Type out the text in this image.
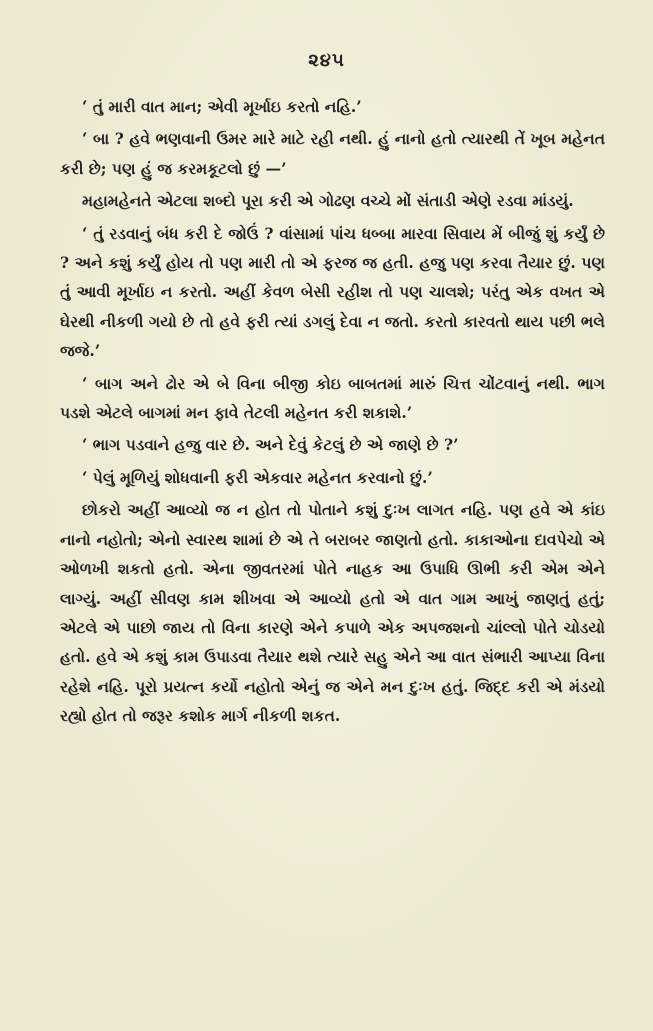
૨૪૫

‘ તું મારી વાત માન; એવી મૂર્ખાઇ કરતો નહિ.’

‘ બા ? હવે ભણવાની ઉમર મારે માટે રહી નથી. હું નાનો હતો ત્યારથી તેં ખૂબ મહેનત કરી છે; પણ હું જ કરમકૂટલો છું —’

મહામહેનતે એટલા શબ્દો પૂરા કરી એ ગોઢણ વચ્ચે મોં સંતાડી એણે રડવા માંડયું.

‘ તું રડવાનું બંધ કરી દે જોઉં ? વાંસામાં પાંચ ધબ્બા મારવા સિવાય મેં બીજું શું કર્યું છે ? અને કશું કર્યું હોય તો પણ મારી તો એ ફરજ જ હતી. હજુ પણ કરવા તૈયાર છું. પણ તું આવી મૂર્ખાઇ ન કરતો. અહીં કેવળ બેસી રહીશ તો પણ ચાલશે; પરંતુ એક વખત એ ઘેરથી નીકળી ગયો છે તો હવે ફરી ત્યાં ડગલું દેવા ન જતો. કરતો કારવતો થાય પછી ભલે જજે.’

‘ બાગ અને ઢોર એ બે વિના બીજી કોઇ બાબતમાં મારું ચિત્ત ચોંટવાનું નથી. ભાગ પડશે એટલે બાગમાં મન ફાવે તેટલી મહેનત કરી શકાશે.’

‘ ભાગ પડવાને હજુ વાર છે. અને દેવું કેટલું છે એ જાણે છે ?’

‘ પેલું મૂળિયું શોધવાની ફરી એકવાર મહેનત કરવાનો છું.’

છોકરો અહીં આવ્યો જ ન હોત તો પોતાને કશું દુઃખ લાગત નહિ. પણ હવે એ કાંઇ નાનો નહોતો; એનો સ્વારથ શામાં છે એ તે બરાબર જાણતો હતો. કાકાઓના દાવપેચો એ ઓળખી શકતો હતો. એના જીવતરમાં પોતે નાહક આ ઉપાધિ ઊભી કરી એમ એને લાગ્યું. અહીં સીવણ કામ શીખવા એ આવ્યો હતો એ વાત ગામ આખું જાણતું હતું; એટલે એ પાછો જાય તો વિના કારણે એને કપાળે એક અપજશનો ચાંલ્લો પોતે ચોડયો હતો. હવે એ કશું કામ ઉપાડવા તૈયાર થશે ત્યારે સહુ એને આ વાત સંભારી આપ્યા વિના રહેશે નહિ. પૂરો પ્રયત્ન કર્યો નહોતો એનું જ એને મન દુઃખ હતું. જિદ્દ કરી એ મંડયો રહ્યો હોત તો જરૂર કશોક માર્ગ નીકળી શકત.
